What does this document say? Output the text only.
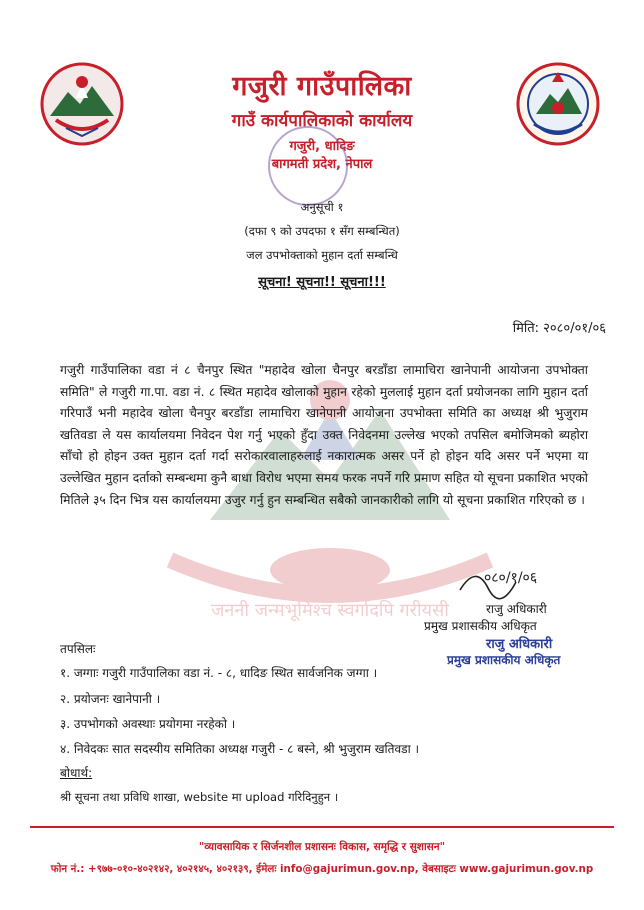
गजुरी गाउँपालिका
गाउँ कार्यपालिकाको कार्यालय
गजुरी, धादिङ
बागमती प्रदेश, नेपाल
अनुसूची १
(दफा ९ को उपदफा १ सँग सम्बन्धित)
जल उपभोक्ताको मुहान दर्ता सम्बन्धि
सूचना! सूचना!! सूचना!!!
मिति: २०८०/०१/०६
जननी जन्मभूमिश्च स्वर्गादपि गरीयसी
गजुरी गाउँपालिका वडा नं ८ चैनपुर स्थित "महादेव खोला चैनपुर बरडाँडा लामाचिरा खानेपानी आयोजना उपभोक्ता समिति" ले गजुरी गा.पा. वडा नं. ८ स्थित महादेव खोलाको मुहान रहेको मुललाई मुहान दर्ता प्रयोजनका लागि मुहान दर्ता गरिपाउँ भनी महादेव खोला चैनपुर बरडाँडा लामाचिरा खानेपानी आयोजना उपभोक्ता समिति का अध्यक्ष श्री भुजुराम खतिवडा ले यस कार्यालयमा निवेदन पेश गर्नु भएको हुँदा उक्त निवेदनमा उल्लेख भएको तपसिल बमोजिमको ब्यहोरा साँचो हो होइन उक्त मुहान दर्ता गर्दा सरोकारवालाहरुलाई नकारात्मक असर पर्ने हो होइन यदि असर पर्ने भएमा या उल्लेखित मुहान दर्ताको सम्बन्धमा कुनै बाधा विरोध भएमा समय फरक नपर्ने गरि प्रमाण सहित यो सूचना प्रकाशित भएको मितिले ३५ दिन भित्र यस कार्यालयमा उजुर गर्नु हुन सम्बन्धित सबैको जानकारीको लागि यो सूचना प्रकाशित गरिएको छ ।
०८०/१/०६
राजु अधिकारी
प्रमुख प्रशासकीय अधिकृत
राजु अधिकारी
प्रमुख प्रशासकीय अधिकृत
तपसिलः
१. जग्गाः गजुरी गाउँपालिका वडा नं. - ८, धादिङ स्थित सार्वजनिक जग्गा ।
२. प्रयोजनः खानेपानी ।
३. उपभोगको अवस्थाः प्रयोगमा नरहेको ।
४. निवेदकः सात सदस्यीय समितिका अध्यक्ष गजुरी - ८ बस्ने, श्री भुजुराम खतिवडा ।
बोधार्थ:
श्री सूचना तथा प्रविधि शाखा, website मा upload गरिदिनुहुन ।
"व्यावसायिक र सिर्जनशील प्रशासनः विकास, समृद्धि र सुशासन"
फोन नं.: +९७७-०१०-४०२१४२, ४०२१४५, ४०२१३९, ईमेलः info@gajurimun.gov.np, वेबसाइटः www.gajurimun.gov.np
